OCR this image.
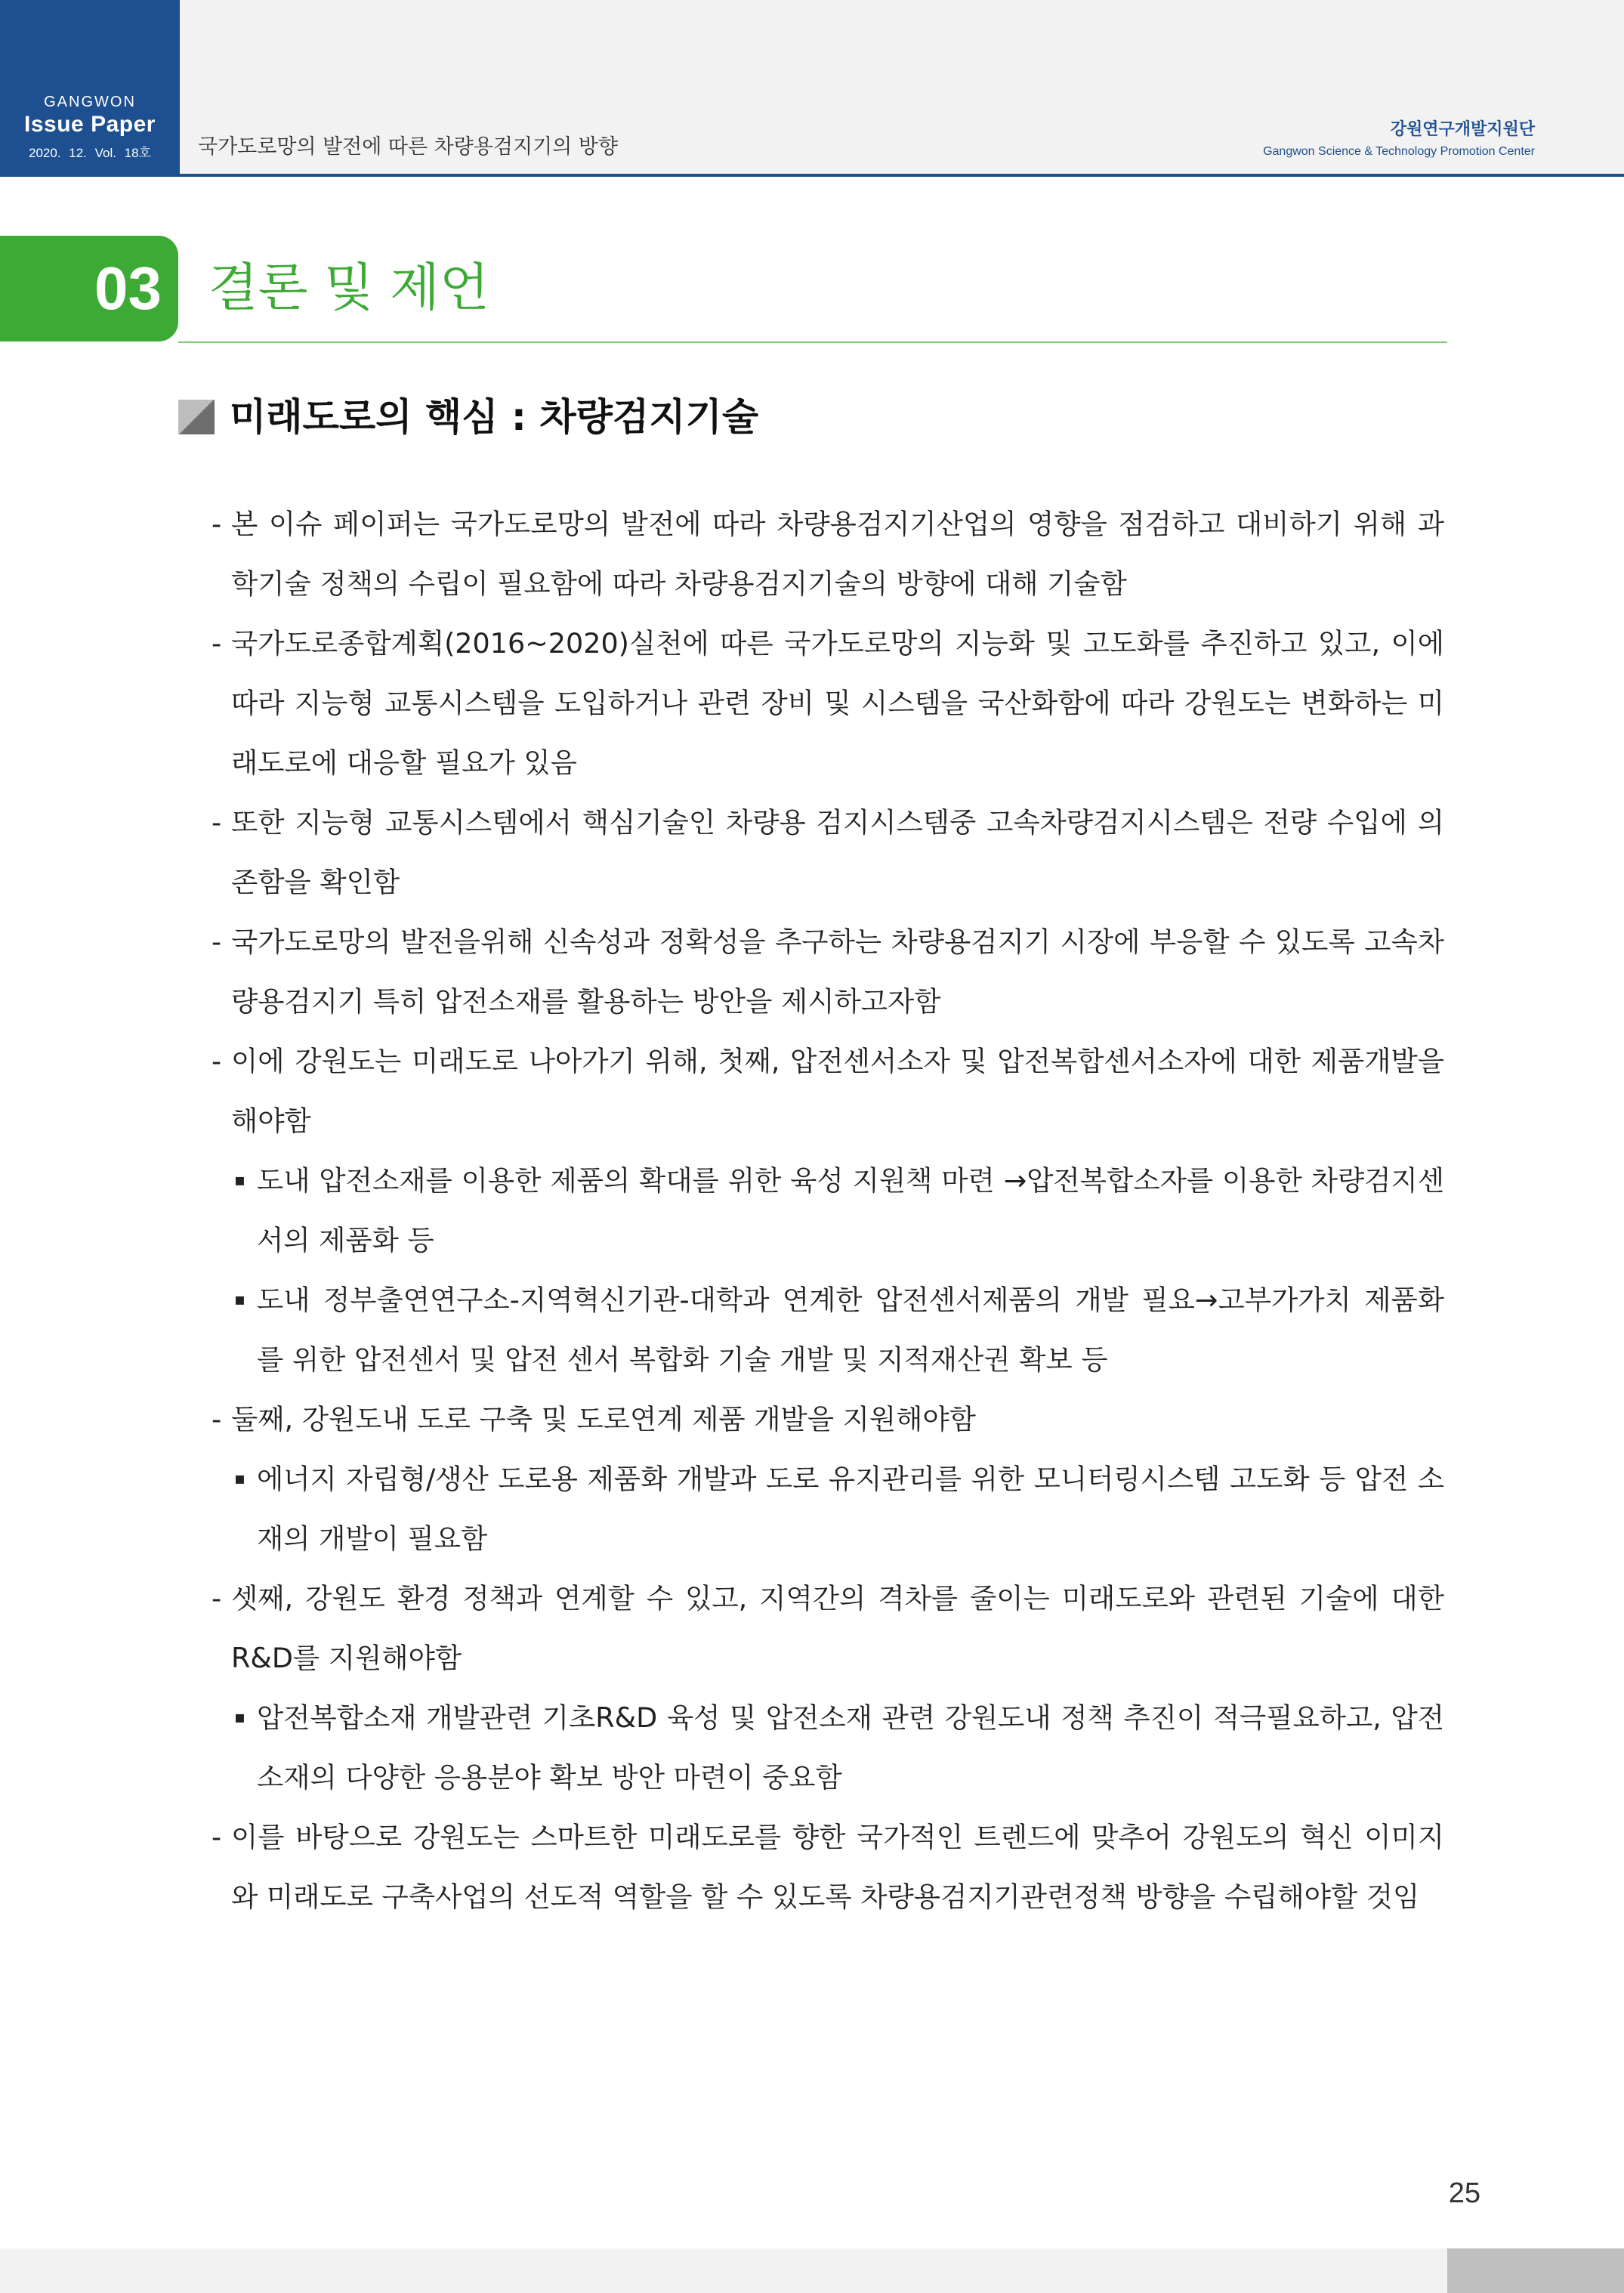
GANGWON
Issue Paper
2020. 12. Vol. 18호	국가도로망의 발전에 따른 차량용검지기의 방향
강원연구개발지원단
Gangwon Science & Technology Promotion Center
03 결론 및 제언
미래도로의 핵심 : 차량검지기술
- 본 이슈 페이퍼는 국가도로망의 발전에 따라 차량용검지기산업의 영향을 점검하고 대비하기 위해 과학기술 정책의 수립이 필요함에 따라 차량용검지기술의 방향에 대해 기술함
- 국가도로종합계획(2016~2020)실천에 따른 국가도로망의 지능화 및 고도화를 추진하고 있고, 이에 따라 지능형 교통시스템을 도입하거나 관련 장비 및 시스템을 국산화함에 따라 강원도는 변화하는 미래도로에 대응할 필요가 있음
- 또한 지능형 교통시스템에서 핵심기술인 차량용 검지시스템중 고속차량검지시스템은 전량 수입에 의존함을 확인함
- 국가도로망의 발전을위해 신속성과 정확성을 추구하는 차량용검지기 시장에 부응할 수 있도록 고속차량용검지기 특히 압전소재를 활용하는 방안을 제시하고자함
- 이에 강원도는 미래도로 나아가기 위해, 첫째, 압전센서소자 및 압전복합센서소자에 대한 제품개발을 해야함
▪ 도내 압전소재를 이용한 제품의 확대를 위한 육성 지원책 마련 →압전복합소자를 이용한 차량검지센서의 제품화 등
▪ 도내 정부출연연구소-지역혁신기관-대학과 연계한 압전센서제품의 개발 필요→고부가가치 제품화를 위한 압전센서 및 압전 센서 복합화 기술 개발 및 지적재산권 확보 등
- 둘째, 강원도내 도로 구축 및 도로연계 제품 개발을 지원해야함
▪ 에너지 자립형/생산 도로용 제품화 개발과 도로 유지관리를 위한 모니터링시스템 고도화 등 압전 소재의 개발이 필요함
- 셋째, 강원도 환경 정책과 연계할 수 있고, 지역간의 격차를 줄이는 미래도로와 관련된 기술에 대한 R&D를 지원해야함
▪ 압전복합소재 개발관련 기초R&D 육성 및 압전소재 관련 강원도내 정책 추진이 적극필요하고, 압전소재의 다양한 응용분야 확보 방안 마련이 중요함
- 이를 바탕으로 강원도는 스마트한 미래도로를 향한 국가적인 트렌드에 맞추어 강원도의 혁신 이미지와 미래도로 구축사업의 선도적 역할을 할 수 있도록 차량용검지기관련정책 방향을 수립해야할 것임
25
